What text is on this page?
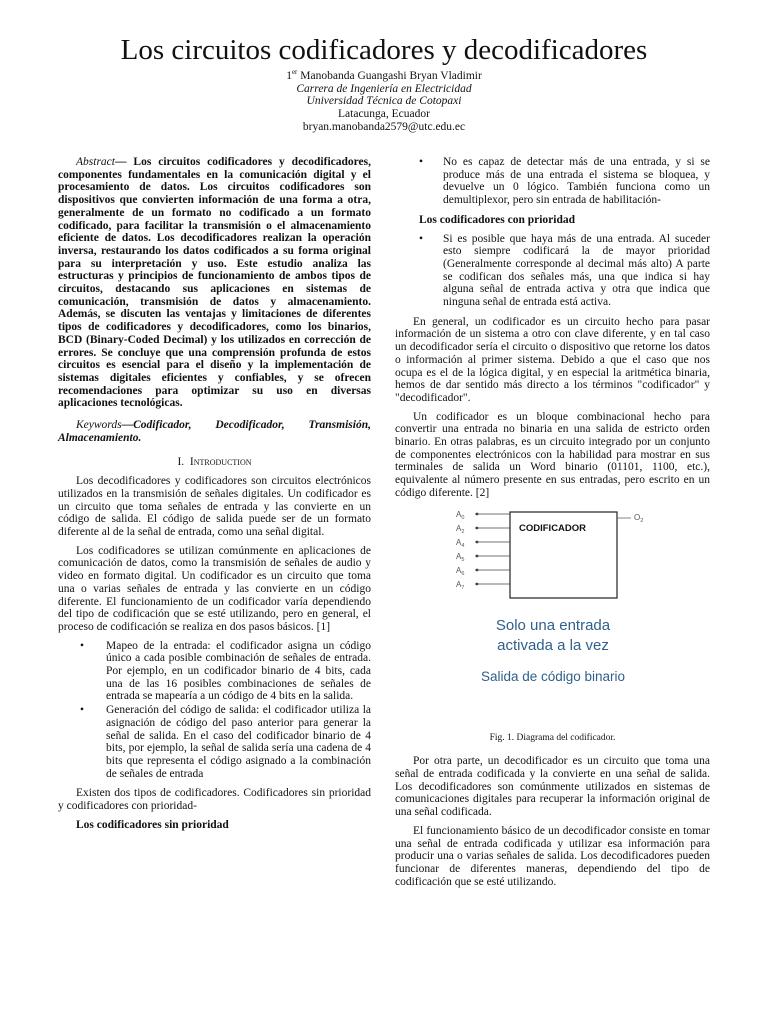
Los circuitos codificadores y decodificadores
1er Manobanda Guangashi Bryan Vladimir
Carrera de Ingeniería en Electricidad
Universidad Técnica de Cotopaxi
Latacunga, Ecuador
bryan.manobanda2579@utc.edu.ec

Abstract— Los circuitos codificadores y decodificadores, componentes fundamentales en la comunicación digital y el procesamiento de datos. Los circuitos codificadores son dispositivos que convierten información de una forma a otra, generalmente de un formato no codificado a un formato codificado, para facilitar la transmisión o el almacenamiento eficiente de datos. Los decodificadores realizan la operación inversa, restaurando los datos codificados a su forma original para su interpretación y uso. Este estudio analiza las estructuras y principios de funcionamiento de ambos tipos de circuitos, destacando sus aplicaciones en sistemas de comunicación, transmisión de datos y almacenamiento. Además, se discuten las ventajas y limitaciones de diferentes tipos de codificadores y decodificadores, como los binarios, BCD (Binary-Coded Decimal) y los utilizados en corrección de errores. Se concluye que una comprensión profunda de estos circuitos es esencial para el diseño y la implementación de sistemas digitales eficientes y confiables, y se ofrecen recomendaciones para optimizar su uso en diversas aplicaciones tecnológicas.

Keywords—Codificador, Decodificador, Transmisión, Almacenamiento.

I. Introduction

Los decodificadores y codificadores son circuitos electrónicos utilizados en la transmisión de señales digitales. Un codificador es un circuito que toma señales de entrada y las convierte en un código de salida. El código de salida puede ser de un formato diferente al de la señal de entrada, como una señal digital.

Los codificadores se utilizan comúnmente en aplicaciones de comunicación de datos, como la transmisión de señales de audio y video en formato digital. Un codificador es un circuito que toma una o varias señales de entrada y las convierte en un código diferente. El funcionamiento de un codificador varía dependiendo del tipo de codificación que se esté utilizando, pero en general, el proceso de codificación se realiza en dos pasos básicos. [1]

• Mapeo de la entrada: el codificador asigna un código único a cada posible combinación de señales de entrada. Por ejemplo, en un codificador binario de 4 bits, cada una de las 16 posibles combinaciones de señales de entrada se mapearía a un código de 4 bits en la salida.
• Generación del código de salida: el codificador utiliza la asignación de código del paso anterior para generar la señal de salida. En el caso del codificador binario de 4 bits, por ejemplo, la señal de salida sería una cadena de 4 bits que representa el código asignado a la combinación de señales de entrada

Existen dos tipos de codificadores. Codificadores sin prioridad y codificadores con prioridad-

Los codificadores sin prioridad
• No es capaz de detectar más de una entrada, y si se produce más de una entrada el sistema se bloquea, y devuelve un 0 lógico. También funciona como un demultiplexor, pero sin entrada de habilitación-
Los codificadores con prioridad
• Si es posible que haya más de una entrada. Al suceder esto siempre codificará la de mayor prioridad (Generalmente corresponde al decimal más alto) A parte se codifican dos señales más, una que indica si hay alguna señal de entrada activa y otra que indica que ninguna señal de entrada está activa.

En general, un codificador es un circuito hecho para pasar información de un sistema a otro con clave diferente, y en tal caso un decodificador sería el circuito o dispositivo que retorne los datos o información al primer sistema. Debido a que el caso que nos ocupa es el de la lógica digital, y en especial la aritmética binaria, hemos de dar sentido más directo a los términos "codificador" y "decodificador".

Un codificador es un bloque combinacional hecho para convertir una entrada no binaria en una salida de estricto orden binario. En otras palabras, es un circuito integrado por un conjunto de componentes electrónicos con la habilidad para mostrar en sus terminales de salida un Word binario (01101, 1100, etc.), equivalente al número presente en sus entradas, pero escrito en un código diferente. [2]

CODIFICADOR
$O_2$
$A_0$
$A_2$
$A_4$
$A_5$
$A_6$
$A_7$
Solo una entrada
activada a la vez
Salida de código binario

Fig. 1. Diagrama del codificador.

Por otra parte, un decodificador es un circuito que toma una señal de entrada codificada y la convierte en una señal de salida. Los decodificadores son comúnmente utilizados en sistemas de comunicaciones digitales para recuperar la información original de una señal codificada.

El funcionamiento básico de un decodificador consiste en tomar una señal de entrada codificada y utilizar esa información para producir una o varias señales de salida. Los decodificadores pueden funcionar de diferentes maneras, dependiendo del tipo de codificación que se esté utilizando.
